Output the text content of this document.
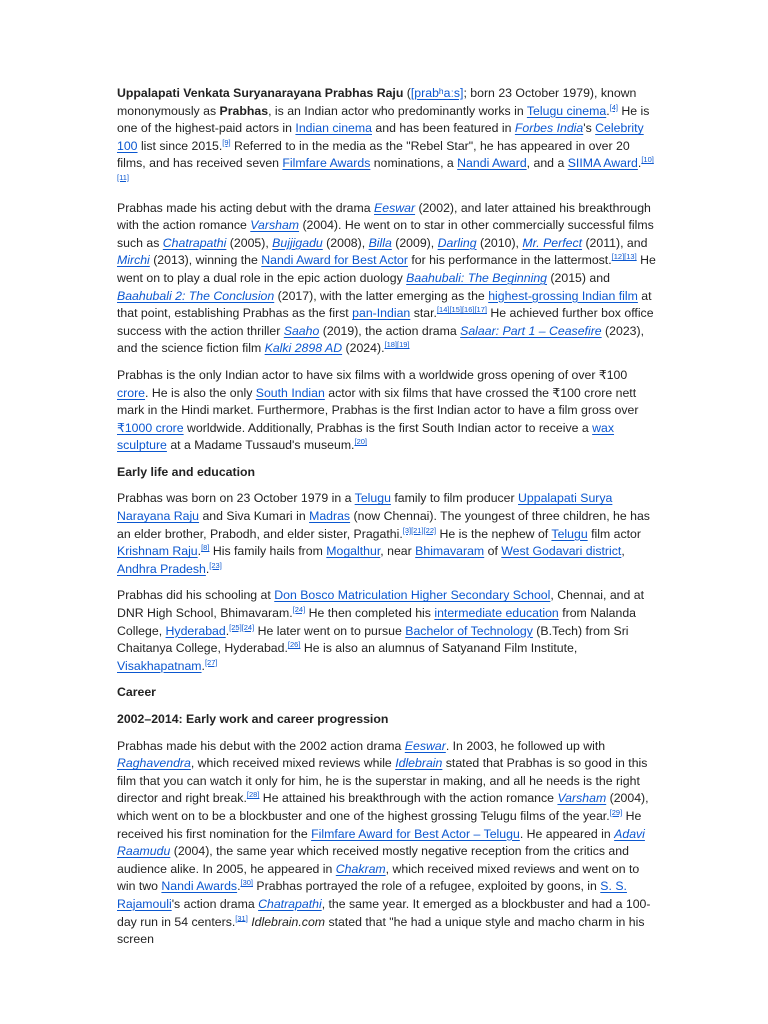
Uppalapati Venkata Suryanarayana Prabhas Raju ([prabʰaːs]; born 23 October 1979), known mononymously as Prabhas, is an Indian actor who predominantly works in Telugu cinema.[4] He is one of the highest-paid actors in Indian cinema and has been featured in Forbes India's Celebrity 100 list since 2015.[9] Referred to in the media as the "Rebel Star", he has appeared in over 20 films, and has received seven Filmfare Awards nominations, a Nandi Award, and a SIIMA Award.[10][11]

Prabhas made his acting debut with the drama Eeswar (2002), and later attained his breakthrough with the action romance Varsham (2004). He went on to star in other commercially successful films such as Chatrapathi (2005), Bujjigadu (2008), Billa (2009), Darling (2010), Mr. Perfect (2011), and Mirchi (2013), winning the Nandi Award for Best Actor for his performance in the lattermost.[12][13] He went on to play a dual role in the epic action duology Baahubali: The Beginning (2015) and Baahubali 2: The Conclusion (2017), with the latter emerging as the highest-grossing Indian film at that point, establishing Prabhas as the first pan-Indian star.[14][15][16][17] He achieved further box office success with the action thriller Saaho (2019), the action drama Salaar: Part 1 – Ceasefire (2023), and the science fiction film Kalki 2898 AD (2024).[18][19]

Prabhas is the only Indian actor to have six films with a worldwide gross opening of over ₹100 crore. He is also the only South Indian actor with six films that have crossed the ₹100 crore nett mark in the Hindi market. Furthermore, Prabhas is the first Indian actor to have a film gross over ₹1000 crore worldwide. Additionally, Prabhas is the first South Indian actor to receive a wax sculpture at a Madame Tussaud's museum.[20]

Early life and education

Prabhas was born on 23 October 1979 in a Telugu family to film producer Uppalapati Surya Narayana Raju and Siva Kumari in Madras (now Chennai). The youngest of three children, he has an elder brother, Prabodh, and elder sister, Pragathi.[3][21][22] He is the nephew of Telugu film actor Krishnam Raju.[8] His family hails from Mogalthur, near Bhimavaram of West Godavari district, Andhra Pradesh.[23]

Prabhas did his schooling at Don Bosco Matriculation Higher Secondary School, Chennai, and at DNR High School, Bhimavaram.[24] He then completed his intermediate education from Nalanda College, Hyderabad.[25][24] He later went on to pursue Bachelor of Technology (B.Tech) from Sri Chaitanya College, Hyderabad.[26] He is also an alumnus of Satyanand Film Institute, Visakhapatnam.[27]

Career
2002–2014: Early work and career progression

Prabhas made his debut with the 2002 action drama Eeswar. In 2003, he followed up with Raghavendra, which received mixed reviews while Idlebrain stated that Prabhas is so good in this film that you can watch it only for him, he is the superstar in making, and all he needs is the right director and right break.[28] He attained his breakthrough with the action romance Varsham (2004), which went on to be a blockbuster and one of the highest grossing Telugu films of the year.[29] He received his first nomination for the Filmfare Award for Best Actor – Telugu. He appeared in Adavi Raamudu (2004), the same year which received mostly negative reception from the critics and audience alike. In 2005, he appeared in Chakram, which received mixed reviews and went on to win two Nandi Awards.[30] Prabhas portrayed the role of a refugee, exploited by goons, in S. S. Rajamouli's action drama Chatrapathi, the same year. It emerged as a blockbuster and had a 100-day run in 54 centers.[31] Idlebrain.com stated that "he had a unique style and macho charm in his screen
